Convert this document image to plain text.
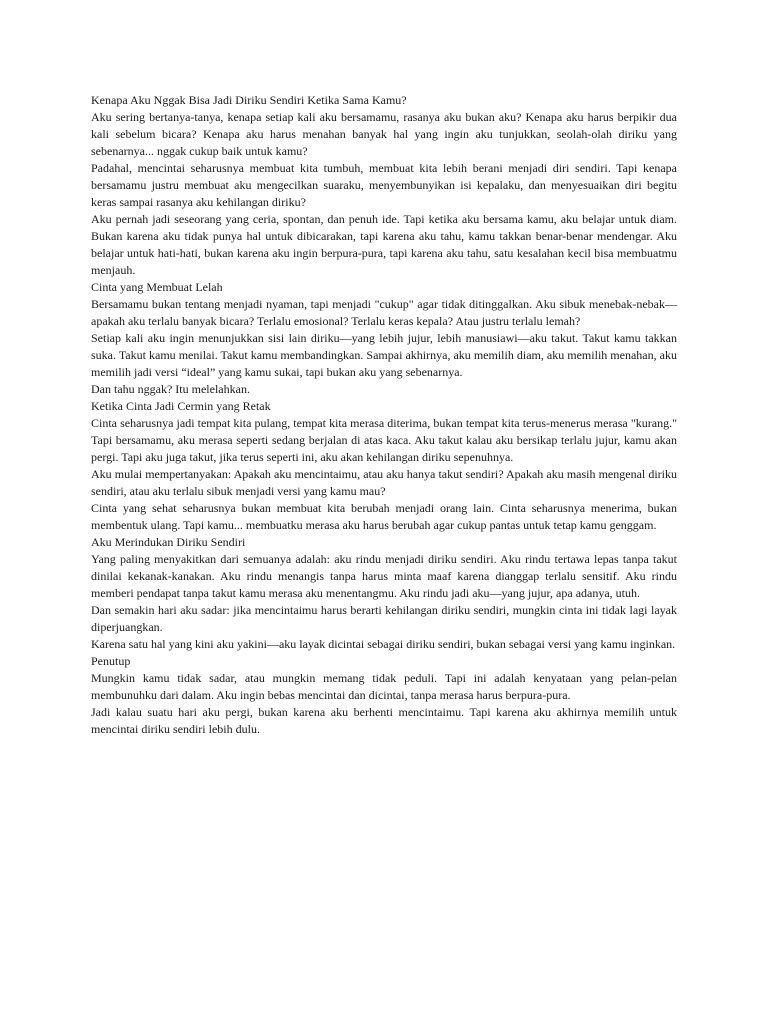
Kenapa Aku Nggak Bisa Jadi Diriku Sendiri Ketika Sama Kamu?

Aku sering bertanya-tanya, kenapa setiap kali aku bersamamu, rasanya aku bukan aku? Kenapa aku harus berpikir dua kali sebelum bicara? Kenapa aku harus menahan banyak hal yang ingin aku tunjukkan, seolah-olah diriku yang sebenarnya... nggak cukup baik untuk kamu?

Padahal, mencintai seharusnya membuat kita tumbuh, membuat kita lebih berani menjadi diri sendiri. Tapi kenapa bersamamu justru membuat aku mengecilkan suaraku, menyembunyikan isi kepalaku, dan menyesuaikan diri begitu keras sampai rasanya aku kehilangan diriku?

Aku pernah jadi seseorang yang ceria, spontan, dan penuh ide. Tapi ketika aku bersama kamu, aku belajar untuk diam. Bukan karena aku tidak punya hal untuk dibicarakan, tapi karena aku tahu, kamu takkan benar-benar mendengar. Aku belajar untuk hati-hati, bukan karena aku ingin berpura-pura, tapi karena aku tahu, satu kesalahan kecil bisa membuatmu menjauh.

Cinta yang Membuat Lelah

Bersamamu bukan tentang menjadi nyaman, tapi menjadi "cukup" agar tidak ditinggalkan. Aku sibuk menebak-nebak—apakah aku terlalu banyak bicara? Terlalu emosional? Terlalu keras kepala? Atau justru terlalu lemah?

Setiap kali aku ingin menunjukkan sisi lain diriku—yang lebih jujur, lebih manusiawi—aku takut. Takut kamu takkan suka. Takut kamu menilai. Takut kamu membandingkan. Sampai akhirnya, aku memilih diam, aku memilih menahan, aku memilih jadi versi “ideal” yang kamu sukai, tapi bukan aku yang sebenarnya.

Dan tahu nggak? Itu melelahkan.

Ketika Cinta Jadi Cermin yang Retak

Cinta seharusnya jadi tempat kita pulang, tempat kita merasa diterima, bukan tempat kita terus-menerus merasa "kurang." Tapi bersamamu, aku merasa seperti sedang berjalan di atas kaca. Aku takut kalau aku bersikap terlalu jujur, kamu akan pergi. Tapi aku juga takut, jika terus seperti ini, aku akan kehilangan diriku sepenuhnya.

Aku mulai mempertanyakan: Apakah aku mencintaimu, atau aku hanya takut sendiri? Apakah aku masih mengenal diriku sendiri, atau aku terlalu sibuk menjadi versi yang kamu mau?

Cinta yang sehat seharusnya bukan membuat kita berubah menjadi orang lain. Cinta seharusnya menerima, bukan membentuk ulang. Tapi kamu... membuatku merasa aku harus berubah agar cukup pantas untuk tetap kamu genggam.

Aku Merindukan Diriku Sendiri

Yang paling menyakitkan dari semuanya adalah: aku rindu menjadi diriku sendiri. Aku rindu tertawa lepas tanpa takut dinilai kekanak-kanakan. Aku rindu menangis tanpa harus minta maaf karena dianggap terlalu sensitif. Aku rindu memberi pendapat tanpa takut kamu merasa aku menentangmu. Aku rindu jadi aku—yang jujur, apa adanya, utuh.

Dan semakin hari aku sadar: jika mencintaimu harus berarti kehilangan diriku sendiri, mungkin cinta ini tidak lagi layak diperjuangkan.

Karena satu hal yang kini aku yakini—aku layak dicintai sebagai diriku sendiri, bukan sebagai versi yang kamu inginkan.

Penutup

Mungkin kamu tidak sadar, atau mungkin memang tidak peduli. Tapi ini adalah kenyataan yang pelan-pelan membunuhku dari dalam. Aku ingin bebas mencintai dan dicintai, tanpa merasa harus berpura-pura.

Jadi kalau suatu hari aku pergi, bukan karena aku berhenti mencintaimu. Tapi karena aku akhirnya memilih untuk mencintai diriku sendiri lebih dulu.
